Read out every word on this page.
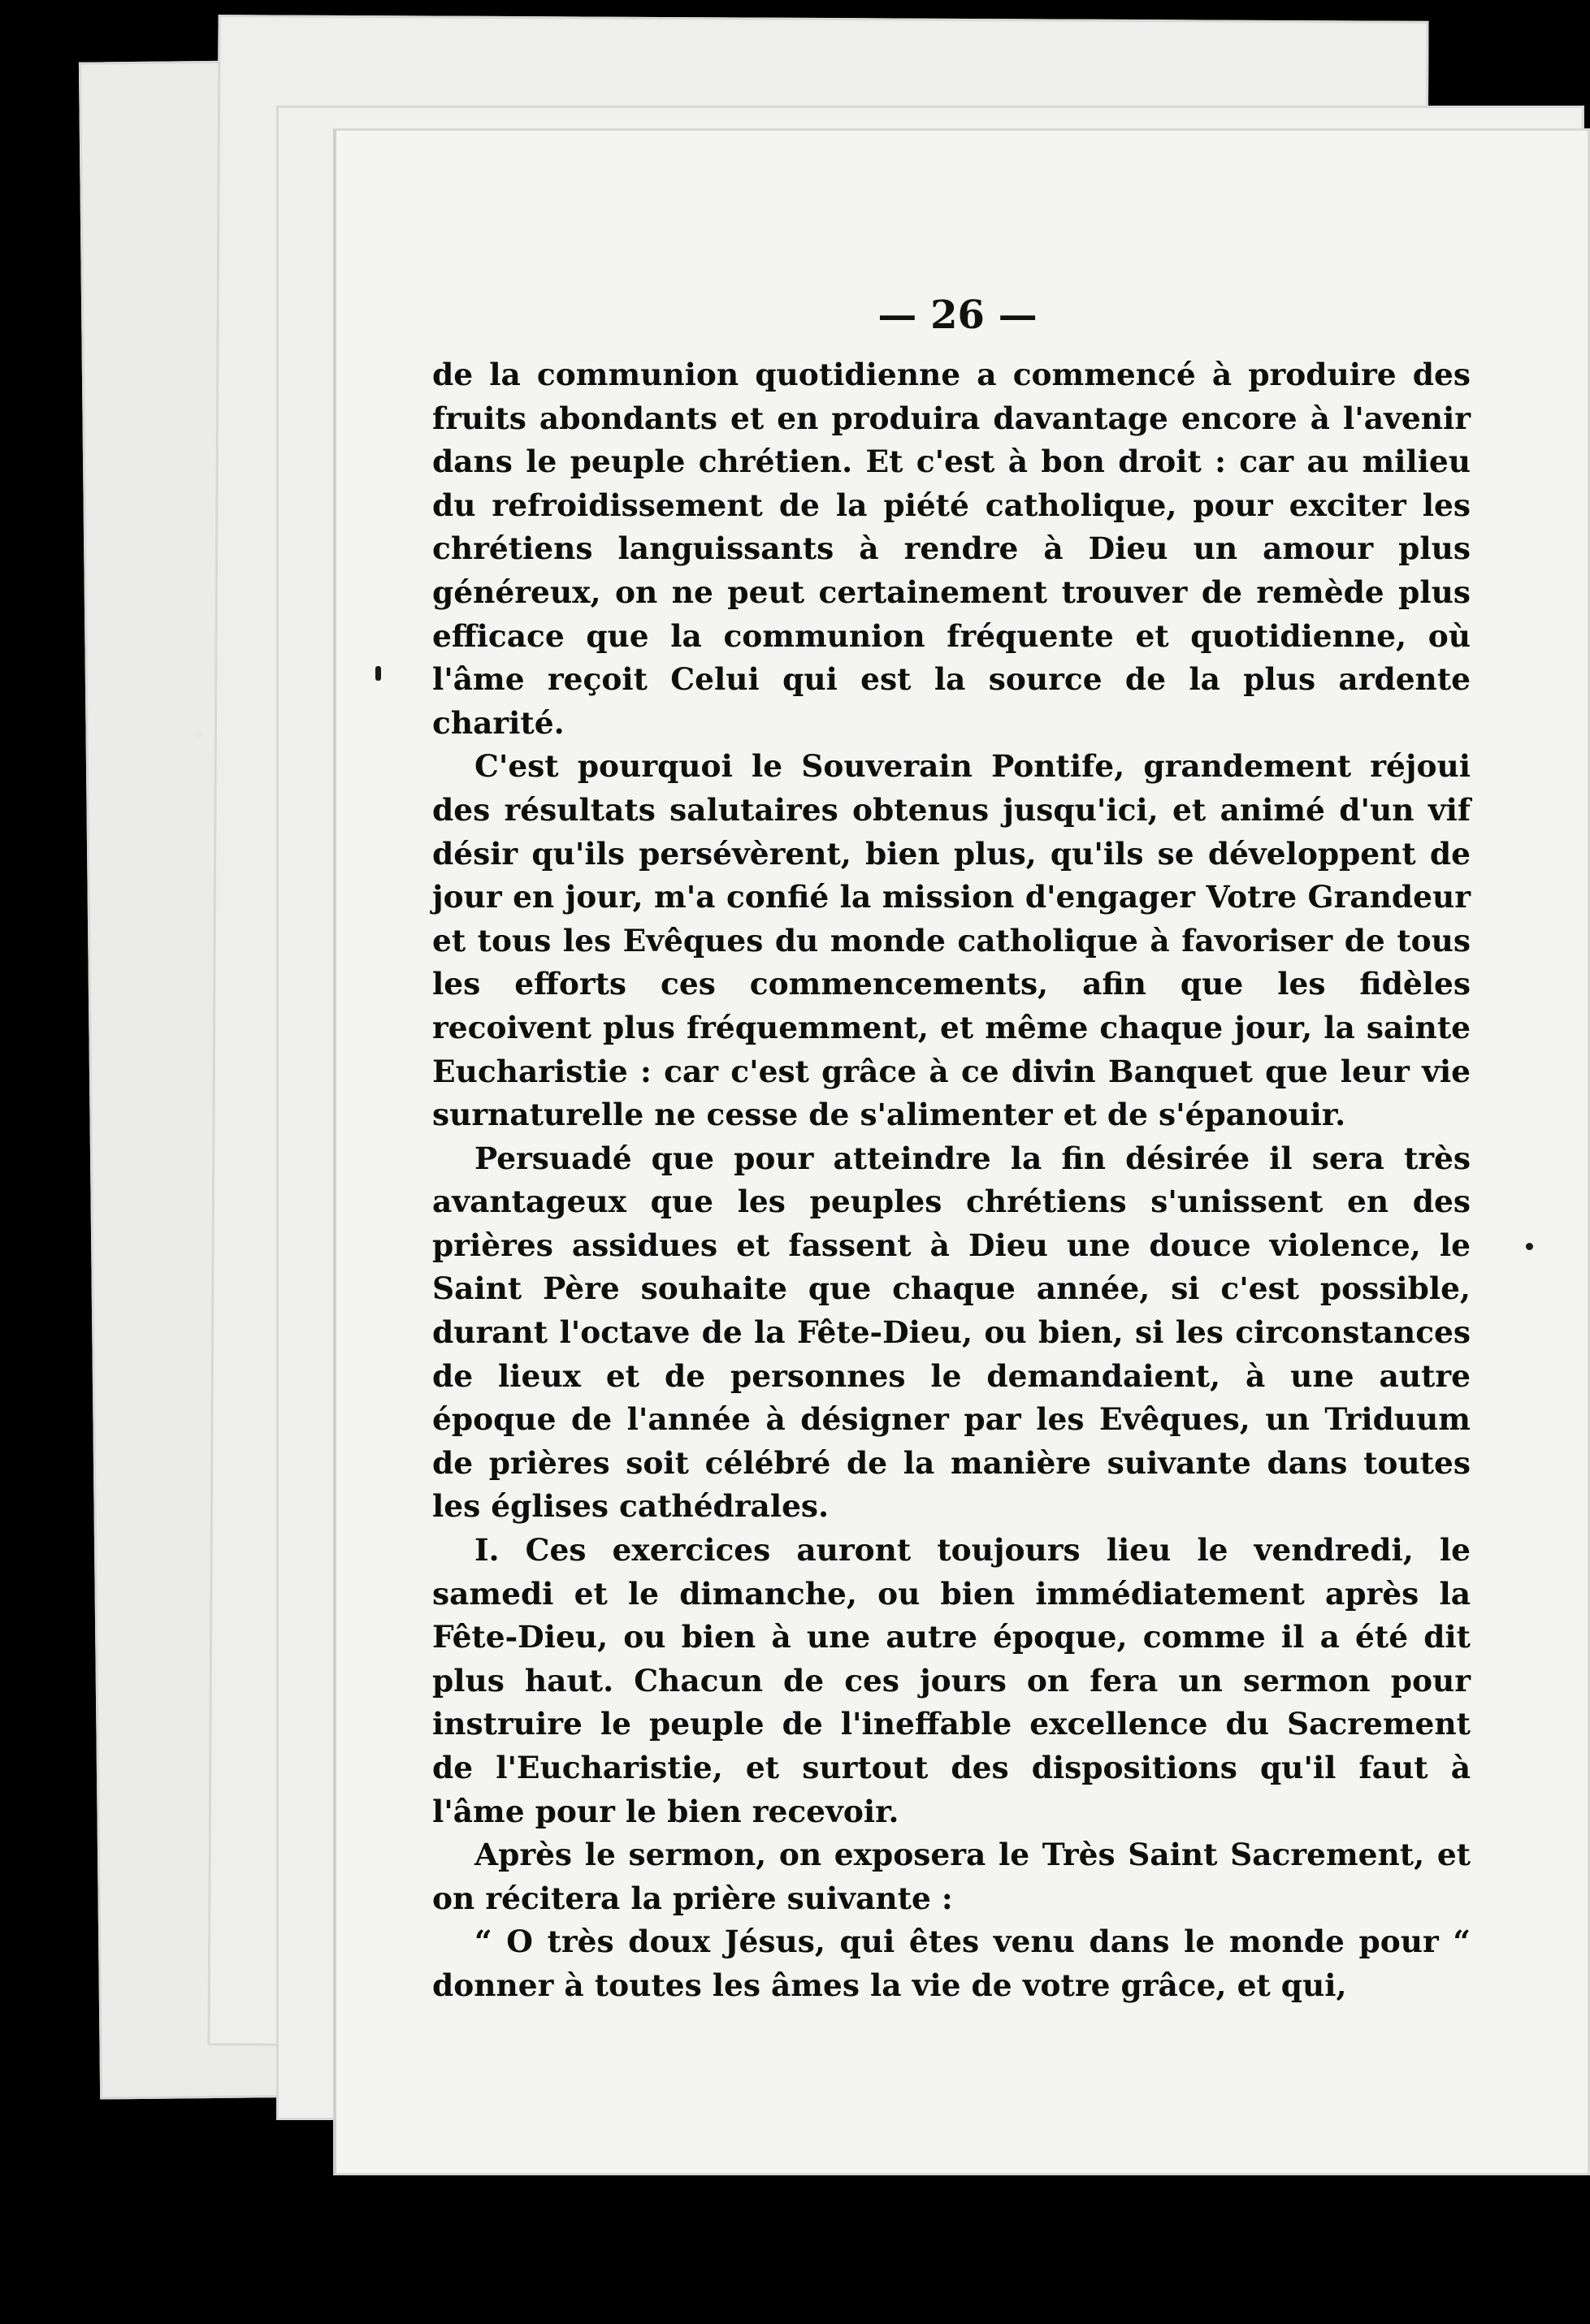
— 26 —

de la communion quotidienne a commencé à produire des fruits abondants et en produira davantage encore à l'avenir dans le peuple chrétien. Et c'est à bon droit : car au milieu du refroidissement de la piété catholique, pour exciter les chrétiens languissants à rendre à Dieu un amour plus généreux, on ne peut certainement trouver de remède plus efficace que la communion fréquente et quotidienne, où l'âme reçoit Celui qui est la source de la plus ardente charité.

C'est pourquoi le Souverain Pontife, grandement réjoui des résultats salutaires obtenus jusqu'ici, et animé d'un vif désir qu'ils persévèrent, bien plus, qu'ils se développent de jour en jour, m'a confié la mission d'engager Votre Grandeur et tous les Evêques du monde catholique à favoriser de tous les efforts ces commencements, afin que les fidèles recoivent plus fréquemment, et même chaque jour, la sainte Eucharistie : car c'est grâce à ce divin Banquet que leur vie surnaturelle ne cesse de s'alimenter et de s'épanouir.

Persuadé que pour atteindre la fin désirée il sera très avantageux que les peuples chrétiens s'unissent en des prières assidues et fassent à Dieu une douce violence, le Saint Père souhaite que chaque année, si c'est possible, durant l'octave de la Fête-Dieu, ou bien, si les circonstances de lieux et de personnes le demandaient, à une autre époque de l'année à désigner par les Evêques, un Triduum de prières soit célébré de la manière suivante dans toutes les églises cathédrales.

I. Ces exercices auront toujours lieu le vendredi, le samedi et le dimanche, ou bien immédiatement après la Fête-Dieu, ou bien à une autre époque, comme il a été dit plus haut. Chacun de ces jours on fera un sermon pour instruire le peuple de l'ineffable excellence du Sacrement de l'Eucharistie, et surtout des dispositions qu'il faut à l'âme pour le bien recevoir.

Après le sermon, on exposera le Très Saint Sacrement, et on récitera la prière suivante :

“ O très doux Jésus, qui êtes venu dans le monde pour “ donner à toutes les âmes la vie de votre grâce, et qui,
